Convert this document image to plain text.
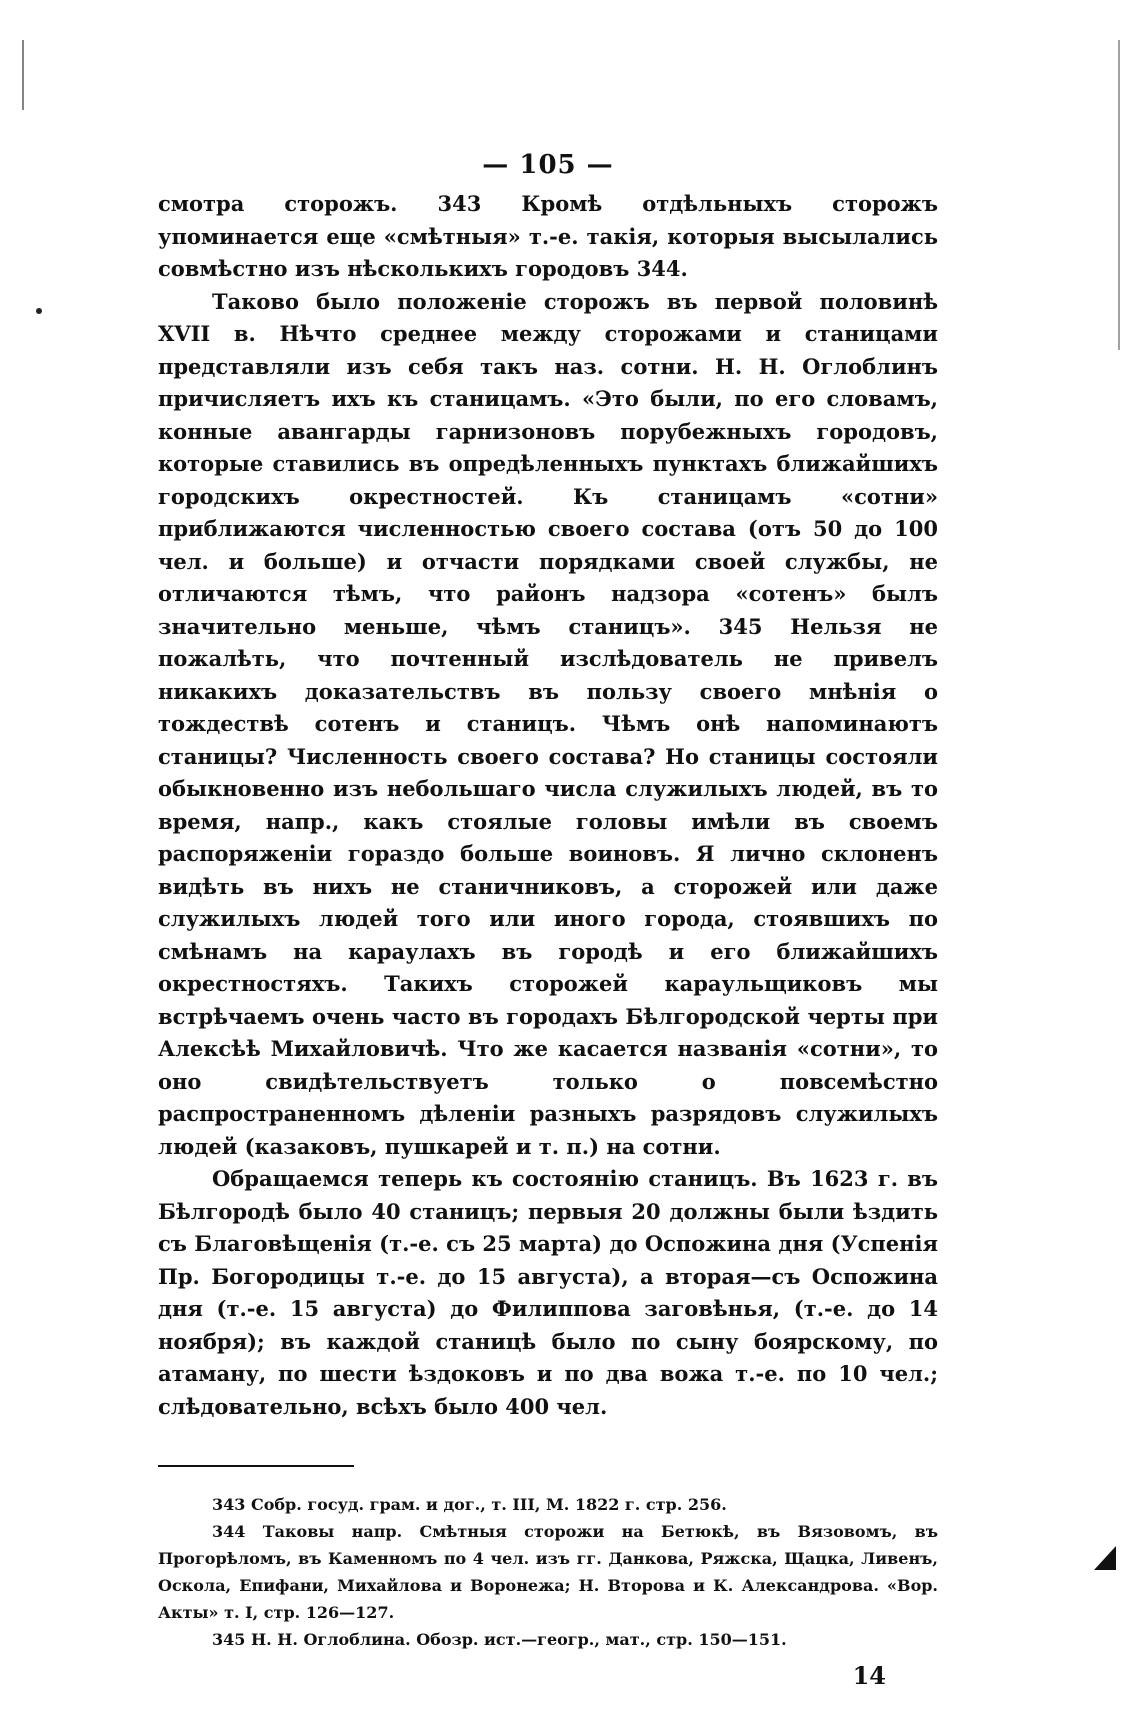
— 105 —

смотра сторожъ. 343 Кромѣ отдѣльныхъ сторожъ упоминается еще «смѣтныя» т.-е. такія, которыя высылались совмѣстно изъ нѣсколькихъ городовъ 344.

Таково было положеніе сторожъ въ первой половинѣ XVII в. Нѣчто среднее между сторожами и станицами представляли изъ себя такъ наз. сотни. Н. Н. Оглоблинъ причисляетъ ихъ къ станицамъ. «Это были, по его словамъ, конные авангарды гарнизоновъ порубежныхъ городовъ, которые ставились въ опредѣленныхъ пунктахъ ближайшихъ городскихъ окрестностей. Къ станицамъ «сотни» приближаются численностью своего состава (отъ 50 до 100 чел. и больше) и отчасти порядками своей службы, не отличаются тѣмъ, что районъ надзора «сотенъ» былъ значительно меньше, чѣмъ станицъ». 345 Нельзя не пожалѣть, что почтенный изслѣдователь не привелъ никакихъ доказательствъ въ пользу своего мнѣнія о тождествѣ сотенъ и станицъ. Чѣмъ онѣ напоминаютъ станицы? Численность своего состава? Но станицы состояли обыкновенно изъ небольшаго числа служилыхъ людей, въ то время, напр., какъ стоялые головы имѣли въ своемъ распоряженіи гораздо больше воиновъ. Я лично склоненъ видѣть въ нихъ не станичниковъ, а сторожей или даже служилыхъ людей того или иного города, стоявшихъ по смѣнамъ на караулахъ въ городѣ и его ближайшихъ окрестностяхъ. Такихъ сторожей караульщиковъ мы встрѣчаемъ очень часто въ городахъ Бѣлгородской черты при Алексѣѣ Михайловичѣ. Что же касается названія «сотни», то оно свидѣтельствуетъ только о повсемѣстно распространенномъ дѣленіи разныхъ разрядовъ служилыхъ людей (казаковъ, пушкарей и т. п.) на сотни.

Обращаемся теперь къ состоянію станицъ. Въ 1623 г. въ Бѣлгородѣ было 40 станицъ; первыя 20 должны были ѣздить съ Благовѣщенія (т.-е. съ 25 марта) до Оспожина дня (Успенія Пр. Богородицы т.-е. до 15 августа), а вторая—съ Оспожина дня (т.-е. 15 августа) до Филиппова заговѣнья, (т.-е. до 14 ноября); въ каждой станицѣ было по сыну боярскому, по атаману, по шести ѣздоковъ и по два вожа т.-е. по 10 чел.; слѣдовательно, всѣхъ было 400 чел.

343 Собр. госуд. грам. и дог., т. III, М. 1822 г. стр. 256.

344 Таковы напр. Смѣтныя сторожи на Бетюкѣ, въ Вязовомъ, въ Прогорѣломъ, въ Каменномъ по 4 чел. изъ гг. Данкова, Ряжска, Щацка, Ливенъ, Оскола, Епифани, Михайлова и Воронежа; Н. Второва и К. Александрова. «Вор. Акты» т. I, стр. 126—127.

345 Н. Н. Оглоблина. Обозр. ист.—геогр., мат., стр. 150—151.

14
